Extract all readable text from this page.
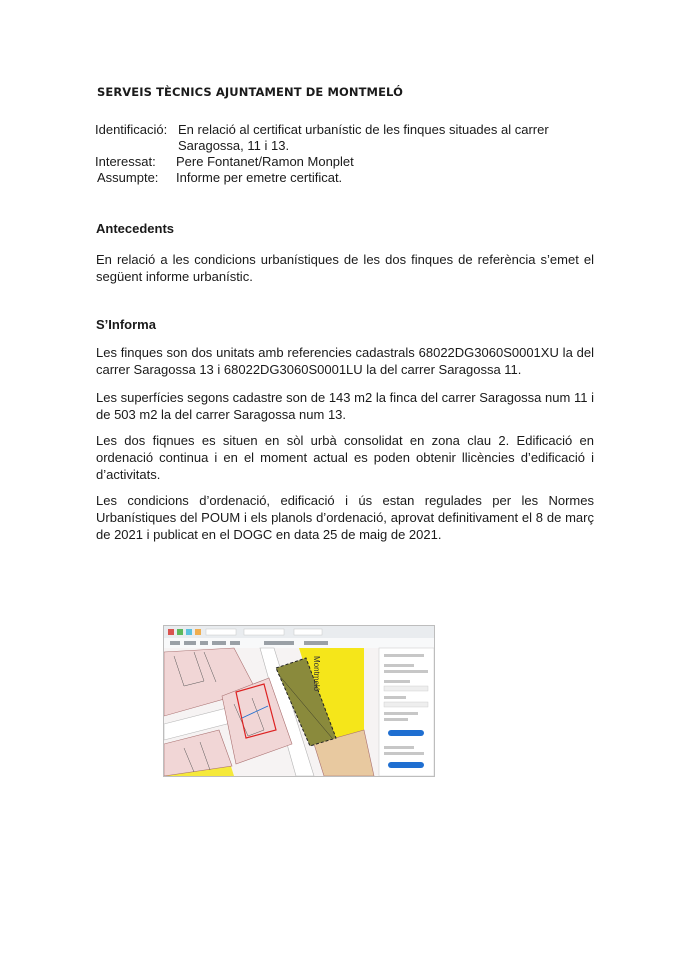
SERVEIS TÈCNICS AJUNTAMENT DE MONTMELÓ
Identificació: En relació al certificat urbanístic de les finques situades al carrer
Saragossa, 11 i 13.
Interessat: Pere Fontanet/Ramon Monplet
Assumpte: Informe per emetre certificat.
Antecedents
En relació a les condicions urbanístiques de les dos finques de referència s’emet el següent informe urbanístic.
S’Informa
Les finques son dos unitats amb referencies cadastrals 68022DG3060S0001XU la del carrer Saragossa 13 i 68022DG3060S0001LU la del carrer Saragossa 11.
Les superfícies segons cadastre son de 143 m2 la finca del carrer Saragossa num 11 i de 503 m2 la del carrer Saragossa num 13.
Les dos fiqnues es situen en sòl urbà consolidat en zona clau 2. Edificació en ordenació continua i en el moment actual es poden obtenir llicències d’edificació i d’activitats.
Les condicions d’ordenació, edificació i ús estan regulades per les Normes Urbanístiques del POUM i els planols d’ordenació, aprovat definitivament el 8 de març de 2021 i publicat en el DOGC en data 25 de maig de 2021.
Montmeló
